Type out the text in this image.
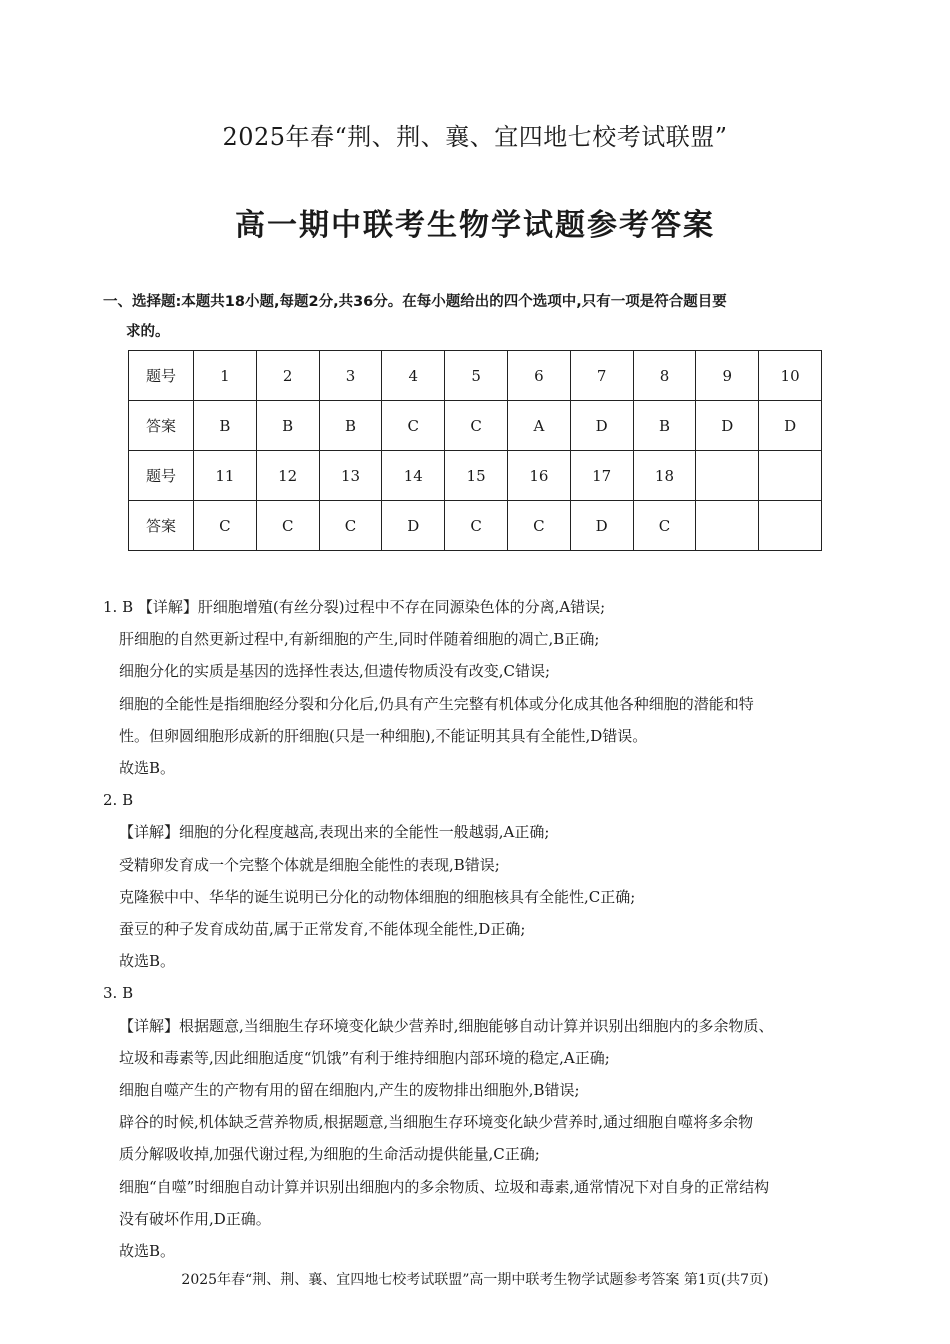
2025年春“荆、荆、襄、宜四地七校考试联盟”
高一期中联考生物学试题参考答案
一、选择题:本题共18小题,每题2分,共36分。在每小题给出的四个选项中,只有一项是符合题目要
求的。
题号	1	2	3	4	5	6	7	8	9	10
答案	B	B	B	C	C	A	D	B	D	D
题号	11	12	13	14	15	16	17	18		
答案	C	C	C	D	C	C	D	C		

1. B 【详解】肝细胞增殖(有丝分裂)过程中不存在同源染色体的分离,A错误;

肝细胞的自然更新过程中,有新细胞的产生,同时伴随着细胞的凋亡,B正确;

细胞分化的实质是基因的选择性表达,但遗传物质没有改变,C错误;

细胞的全能性是指细胞经分裂和分化后,仍具有产生完整有机体或分化成其他各种细胞的潜能和特

性。但卵圆细胞形成新的肝细胞(只是一种细胞),不能证明其具有全能性,D错误。

故选B。

2. B

【详解】细胞的分化程度越高,表现出来的全能性一般越弱,A正确;

受精卵发育成一个完整个体就是细胞全能性的表现,B错误;

克隆猴中中、华华的诞生说明已分化的动物体细胞的细胞核具有全能性,C正确;

蚕豆的种子发育成幼苗,属于正常发育,不能体现全能性,D正确;

故选B。

3. B

【详解】根据题意,当细胞生存环境变化缺少营养时,细胞能够自动计算并识别出细胞内的多余物质、

垃圾和毒素等,因此细胞适度“饥饿”有利于维持细胞内部环境的稳定,A正确;

细胞自噬产生的产物有用的留在细胞内,产生的废物排出细胞外,B错误;

辟谷的时候,机体缺乏营养物质,根据题意,当细胞生存环境变化缺少营养时,通过细胞自噬将多余物

质分解吸收掉,加强代谢过程,为细胞的生命活动提供能量,C正确;

细胞“自噬”时细胞自动计算并识别出细胞内的多余物质、垃圾和毒素,通常情况下对自身的正常结构

没有破坏作用,D正确。

故选B。

2025年春“荆、荆、襄、宜四地七校考试联盟”高一期中联考生物学试题参考答案 第1页(共7页)
